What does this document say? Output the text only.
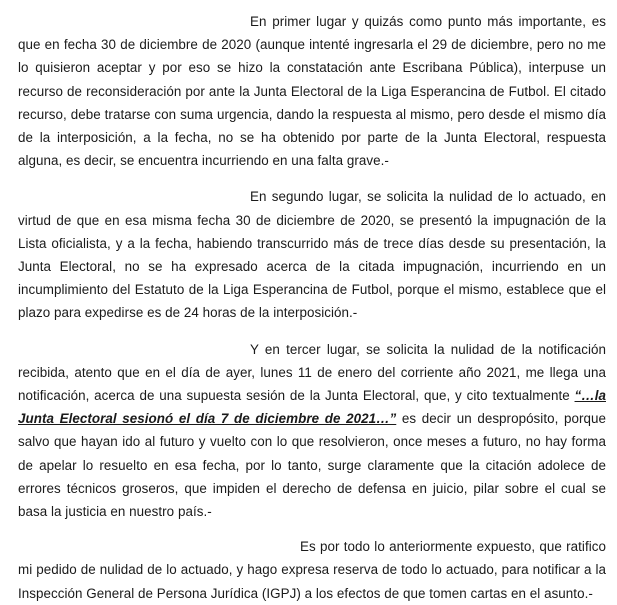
En primer lugar y quizás como punto más importante, es que en fecha 30 de diciembre de 2020 (aunque intenté ingresarla el 29 de diciembre, pero no me lo quisieron aceptar y por eso se hizo la constatación ante Escribana Pública), interpuse un recurso de reconsideración por ante la Junta Electoral de la Liga Esperancina de Futbol. El citado recurso, debe tratarse con suma urgencia, dando la respuesta al mismo, pero desde el mismo día de la interposición, a la fecha, no se ha obtenido por parte de la Junta Electoral, respuesta alguna, es decir, se encuentra incurriendo en una falta grave.-

En segundo lugar, se solicita la nulidad de lo actuado, en virtud de que en esa misma fecha 30 de diciembre de 2020, se presentó la impugnación de la Lista oficialista, y a la fecha, habiendo transcurrido más de trece días desde su presentación, la Junta Electoral, no se ha expresado acerca de la citada impugnación, incurriendo en un incumplimiento del Estatuto de la Liga Esperancina de Futbol, porque el mismo, establece que el plazo para expedirse es de 24 horas de la interposición.-

Y en tercer lugar, se solicita la nulidad de la notificación recibida, atento que en el día de ayer, lunes 11 de enero del corriente año 2021, me llega una notificación, acerca de una supuesta sesión de la Junta Electoral, que, y cito textualmente “…la Junta Electoral sesionó el día 7 de diciembre de 2021…” es decir un despropósito, porque salvo que hayan ido al futuro y vuelto con lo que resolvieron, once meses a futuro, no hay forma de apelar lo resuelto en esa fecha, por lo tanto, surge claramente que la citación adolece de errores técnicos groseros, que impiden el derecho de defensa en juicio, pilar sobre el cual se basa la justicia en nuestro país.-

Es por todo lo anteriormente expuesto, que ratifico mi pedido de nulidad de lo actuado, y hago expresa reserva de todo lo actuado, para notificar a la Inspección General de Persona Jurídica (IGPJ) a los efectos de que tomen cartas en el asunto.-
